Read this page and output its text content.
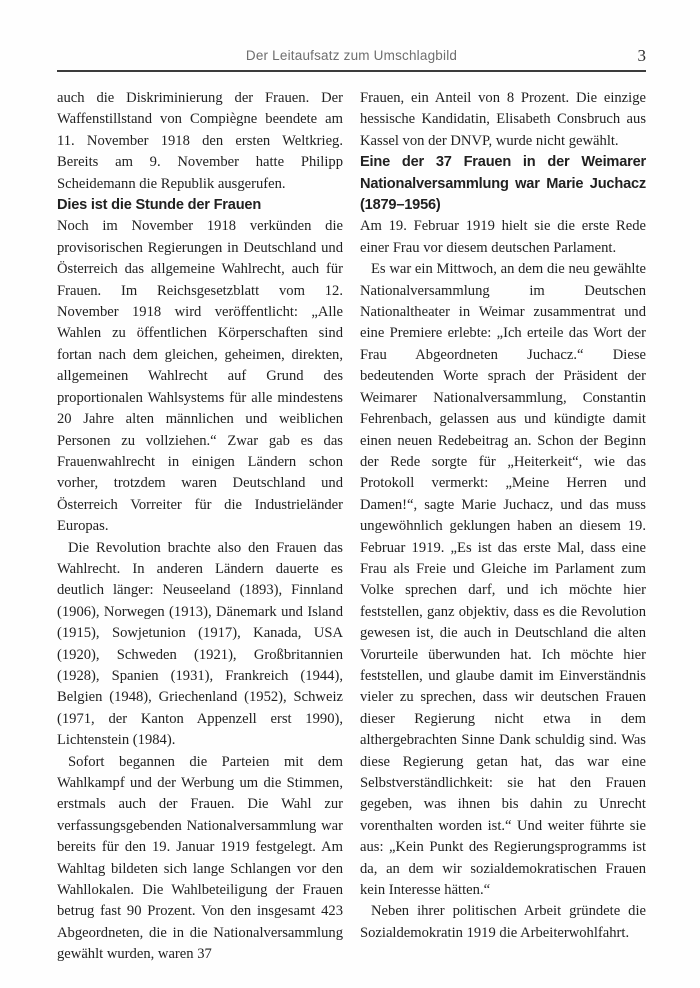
Der Leitaufsatz zum Umschlagbild	3

auch die Diskriminierung der Frauen. Der Waffenstillstand von Compiègne beendete am 11. November 1918 den ersten Weltkrieg. Bereits am 9. November hatte Philipp Scheidemann die Republik ausgerufen.

Dies ist die Stunde der Frauen

Noch im November 1918 verkünden die provisorischen Regierungen in Deutschland und Österreich das allgemeine Wahlrecht, auch für Frauen. Im Reichsgesetzblatt vom 12. November 1918 wird veröffentlicht: „Alle Wahlen zu öffentlichen Körperschaften sind fortan nach dem gleichen, geheimen, direkten, allgemeinen Wahlrecht auf Grund des proportionalen Wahlsystems für alle mindestens 20 Jahre alten männlichen und weiblichen Personen zu vollziehen.“ Zwar gab es das Frauenwahlrecht in einigen Ländern schon vorher, trotzdem waren Deutschland und Österreich Vorreiter für die Industrieländer Europas.

Die Revolution brachte also den Frauen das Wahlrecht. In anderen Ländern dauerte es deutlich länger: Neuseeland (1893), Finnland (1906), Norwegen (1913), Dänemark und Island (1915), Sowjetunion (1917), Kanada, USA (1920), Schweden (1921), Großbritannien (1928), Spanien (1931), Frankreich (1944), Belgien (1948), Griechenland (1952), Schweiz (1971, der Kanton Appenzell erst 1990), Lichtenstein (1984).

Sofort begannen die Parteien mit dem Wahlkampf und der Werbung um die Stimmen, erstmals auch der Frauen. Die Wahl zur verfassungsgebenden Nationalversammlung war bereits für den 19. Januar 1919 festgelegt. Am Wahltag bildeten sich lange Schlangen vor den Wahllokalen. Die Wahlbeteiligung der Frauen betrug fast 90 Prozent. Von den insgesamt 423 Abgeordneten, die in die Nationalversammlung gewählt wurden, waren 37

Frauen, ein Anteil von 8 Prozent. Die einzige hessische Kandidatin, Elisabeth Consbruch aus Kassel von der DNVP, wurde nicht gewählt.

Eine der 37 Frauen in der Weimarer Nationalversammlung war Marie Juchacz (1879–1956)

Am 19. Februar 1919 hielt sie die erste Rede einer Frau vor diesem deutschen Parlament.

Es war ein Mittwoch, an dem die neu gewählte Nationalversammlung im Deutschen Nationaltheater in Weimar zusammentrat und eine Premiere erlebte: „Ich erteile das Wort der Frau Abgeordneten Juchacz.“ Diese bedeutenden Worte sprach der Präsident der Weimarer Nationalversammlung, Constantin Fehrenbach, gelassen aus und kündigte damit einen neuen Redebeitrag an. Schon der Beginn der Rede sorgte für „Heiterkeit“, wie das Protokoll vermerkt: „Meine Herren und Damen!“, sagte Marie Juchacz, und das muss ungewöhnlich geklungen haben an diesem 19. Februar 1919. „Es ist das erste Mal, dass eine Frau als Freie und Gleiche im Parlament zum Volke sprechen darf, und ich möchte hier feststellen, ganz objektiv, dass es die Revolution gewesen ist, die auch in Deutschland die alten Vorurteile überwunden hat. Ich möchte hier feststellen, und glaube damit im Einverständnis vieler zu sprechen, dass wir deutschen Frauen dieser Regierung nicht etwa in dem althergebrachten Sinne Dank schuldig sind. Was diese Regierung getan hat, das war eine Selbstverständlichkeit: sie hat den Frauen gegeben, was ihnen bis dahin zu Unrecht vorenthalten worden ist.“ Und weiter führte sie aus: „Kein Punkt des Regierungsprogramms ist da, an dem wir sozialdemokratischen Frauen kein Interesse hätten.“

Neben ihrer politischen Arbeit gründete die Sozialdemokratin 1919 die Arbeiterwohlfahrt.
